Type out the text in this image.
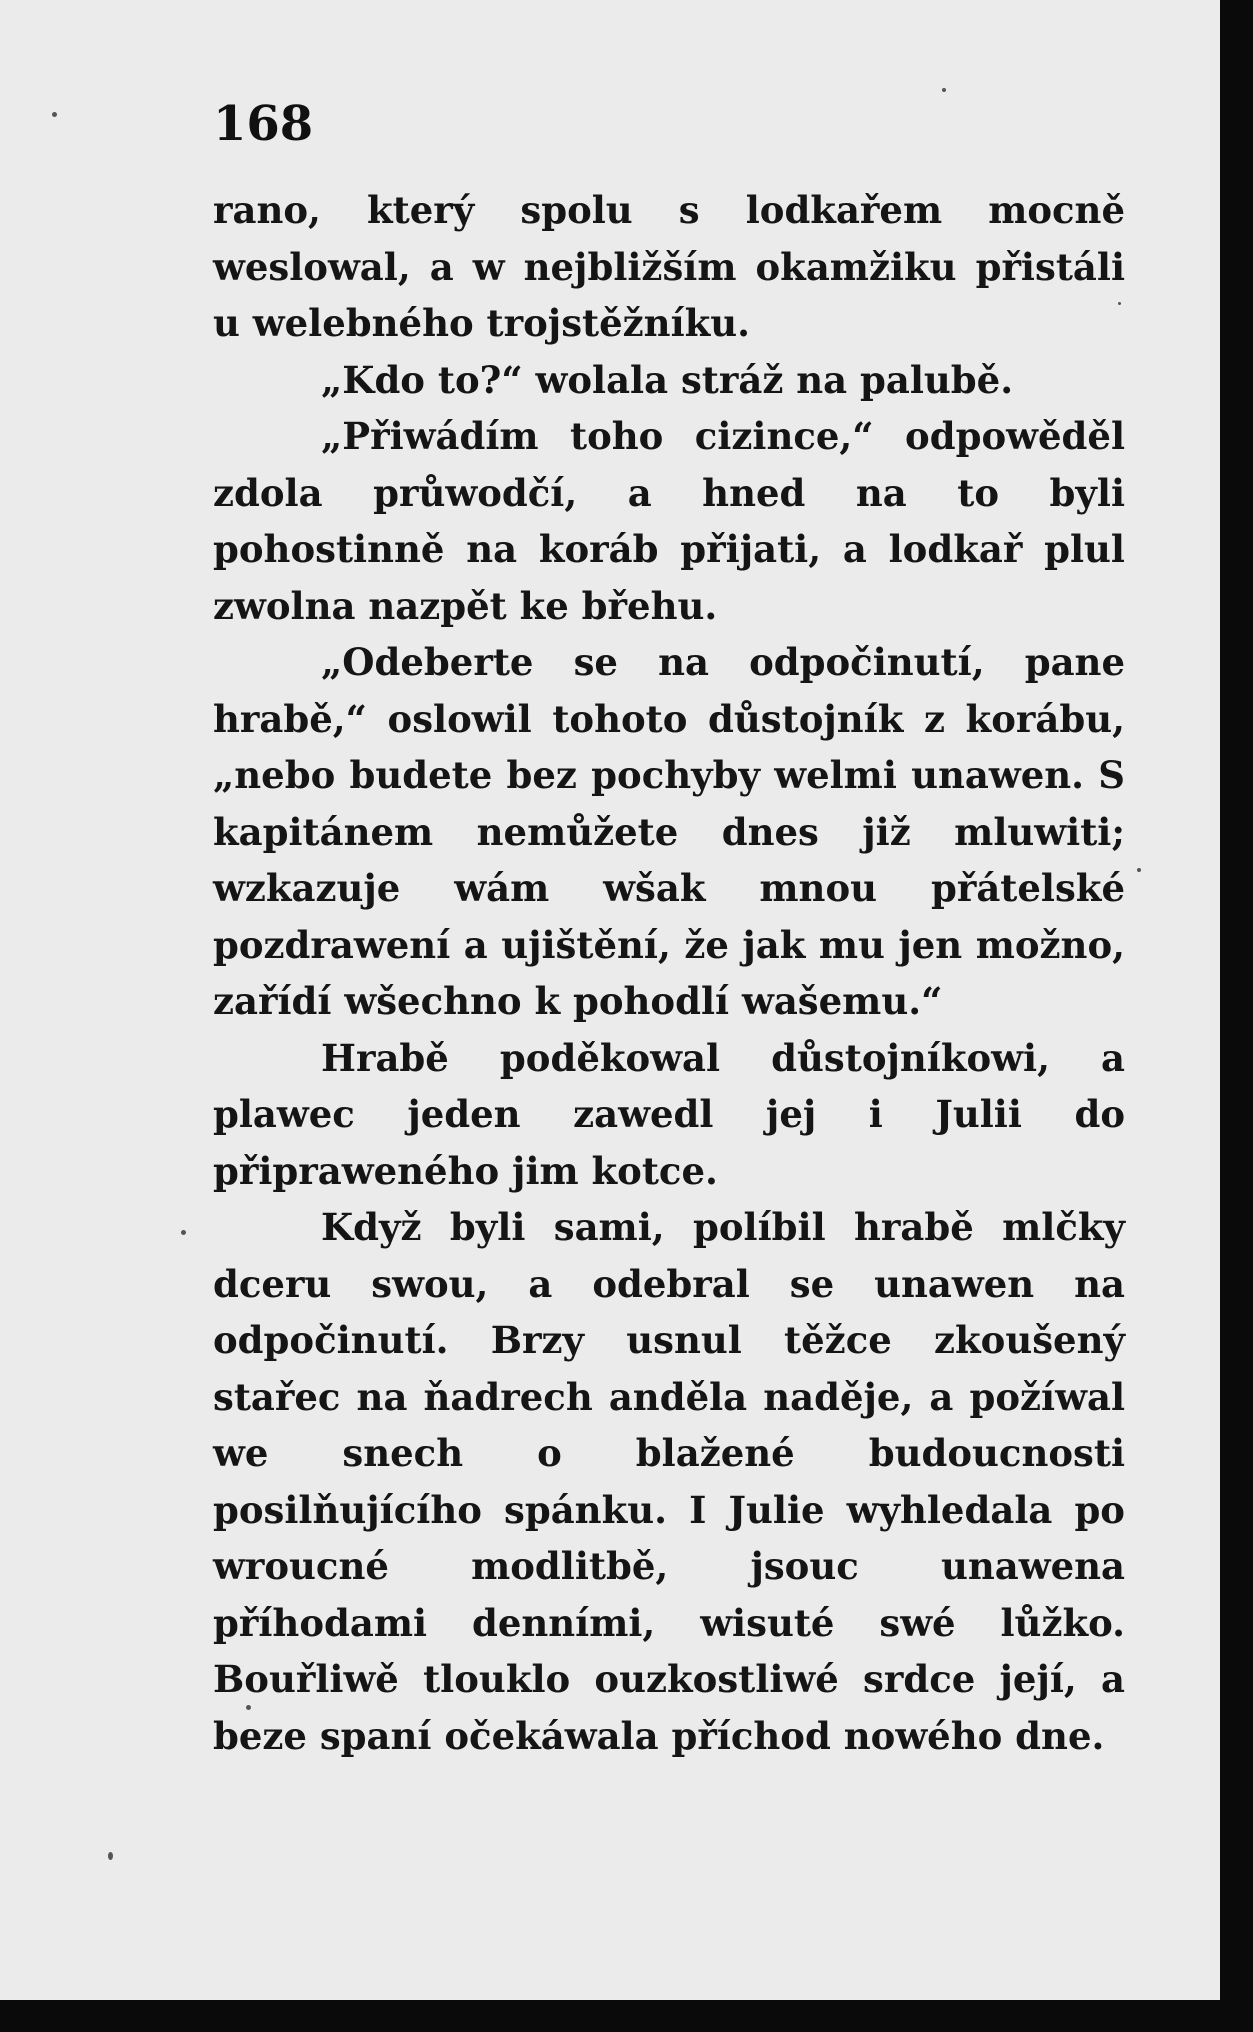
168

rano, který spolu s lodkařem mocně weslowal, a w nejbližším okamžiku přistáli u welebného trojstěžníku.

„Kdo to?“ wolala stráž na palubě.

„Přiwádím toho cizince,“ odpowěděl zdola průwodčí, a hned na to byli pohostinně na koráb přijati, a lodkař plul zwolna nazpět ke břehu.

„Odeberte se na odpočinutí, pane hrabě,“ oslowil tohoto důstojník z korábu, „nebo budete bez pochyby welmi unawen. S kapitánem nemůžete dnes již mluwiti; wzkazuje wám wšak mnou přátelské pozdrawení a ujištění, že jak mu jen možno, zařídí wšechno k pohodlí wašemu.“

Hrabě poděkowal důstojníkowi, a plawec jeden zawedl jej i Julii do připraweného jim kotce.

Když byli sami, políbil hrabě mlčky dceru swou, a odebral se unawen na odpočinutí. Brzy usnul těžce zkoušený stařec na ňadrech anděla naděje, a požíwal we snech o blažené budoucnosti posilňujícího spánku. I Julie wyhledala po wroucné modlitbě, jsouc unawena příhodami denními, wisuté swé lůžko. Bouřliwě tlouklo ouzkostliwé srdce její, a beze spaní očekáwala příchod nowého dne.
